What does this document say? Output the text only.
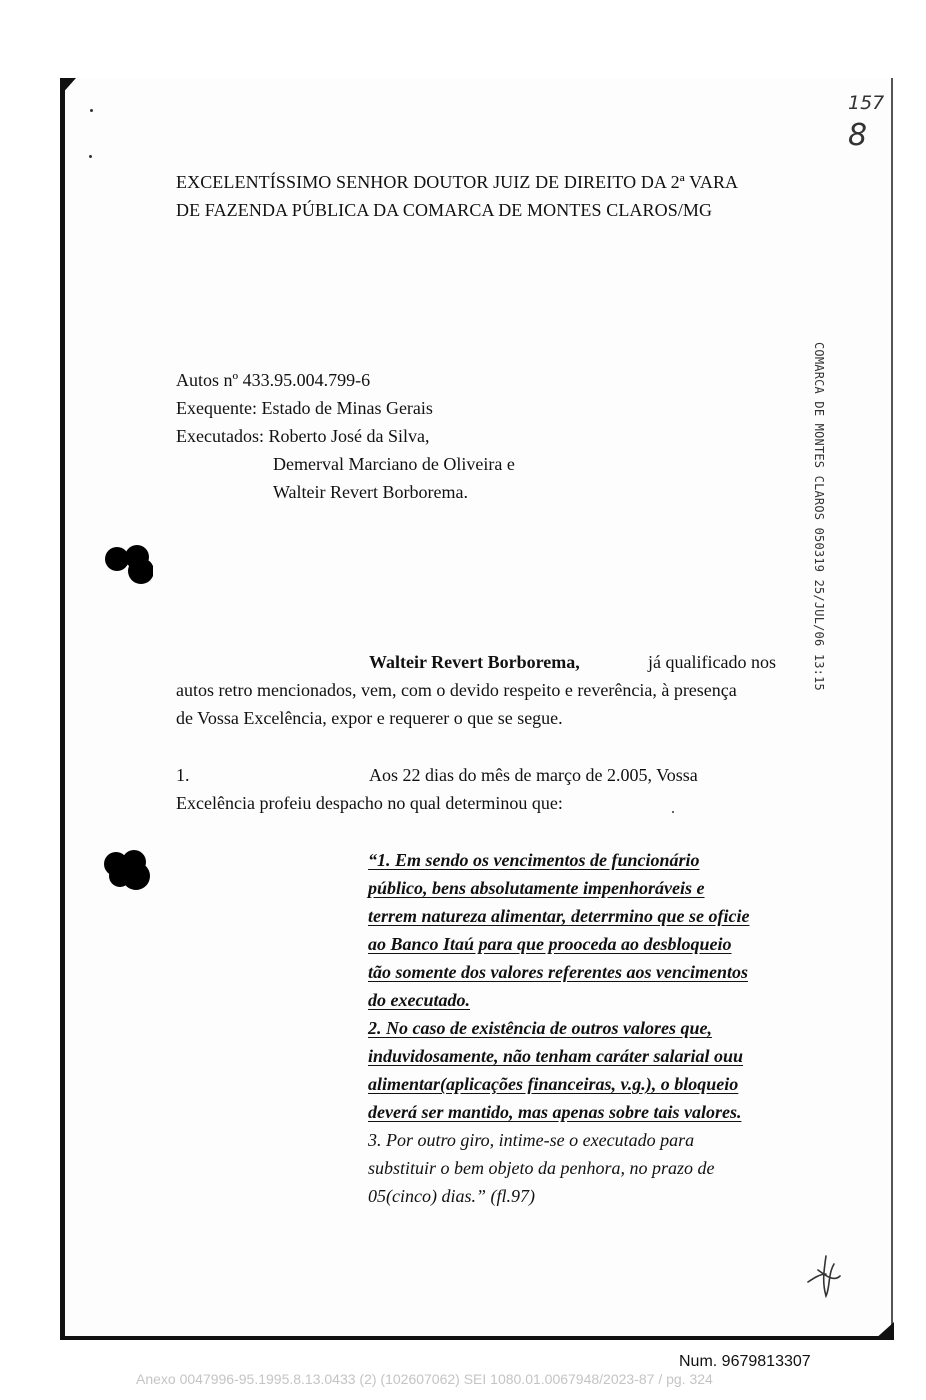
157
8
EXCELENTÍSSIMO SENHOR DOUTOR JUIZ DE DIREITO DA 2ª VARA
DE FAZENDA PÚBLICA DA COMARCA DE MONTES CLAROS/MG
Autos nº 433.95.004.799-6
Exequente: Estado de Minas Gerais
Executados: Roberto José da Silva,
Demerval Marciano de Oliveira e
Walteir Revert Borborema.	COMARCA DE MONTES CLAROS 050319 25/JUL/06 13:15
Walteir Revert Borborema,	já qualificado nos
autos retro mencionados, vem, com o devido respeito e reverência, à presença
de Vossa Excelência, expor e requerer o que se segue.
1.	Aos 22 dias do mês de março de 2.005, Vossa
Excelência profeiu despacho no qual determinou que:
“1. Em sendo os vencimentos de funcionário
público, bens absolutamente impenhoráveis e
terrem natureza alimentar, deterrmino que se oficie
ao Banco Itaú para que prooceda ao desbloqueio
tão somente dos valores referentes aos vencimentos
do executado.
2. No caso de existência de outros valores que,
induvidosamente, não tenham caráter salarial ouu
alimentar(aplicações financeiras, v.g.), o bloqueio
deverá ser mantido, mas apenas sobre tais valores.
3. Por outro giro, intime-se o executado para
substituir o bem objeto da penhora, no prazo de
05(cinco) dias.” (fl.97)
Num. 9679813307
Anexo 0047996-95.1995.8.13.0433 (2) (102607062) SEI 1080.01.0067948/2023-87 / pg. 324
